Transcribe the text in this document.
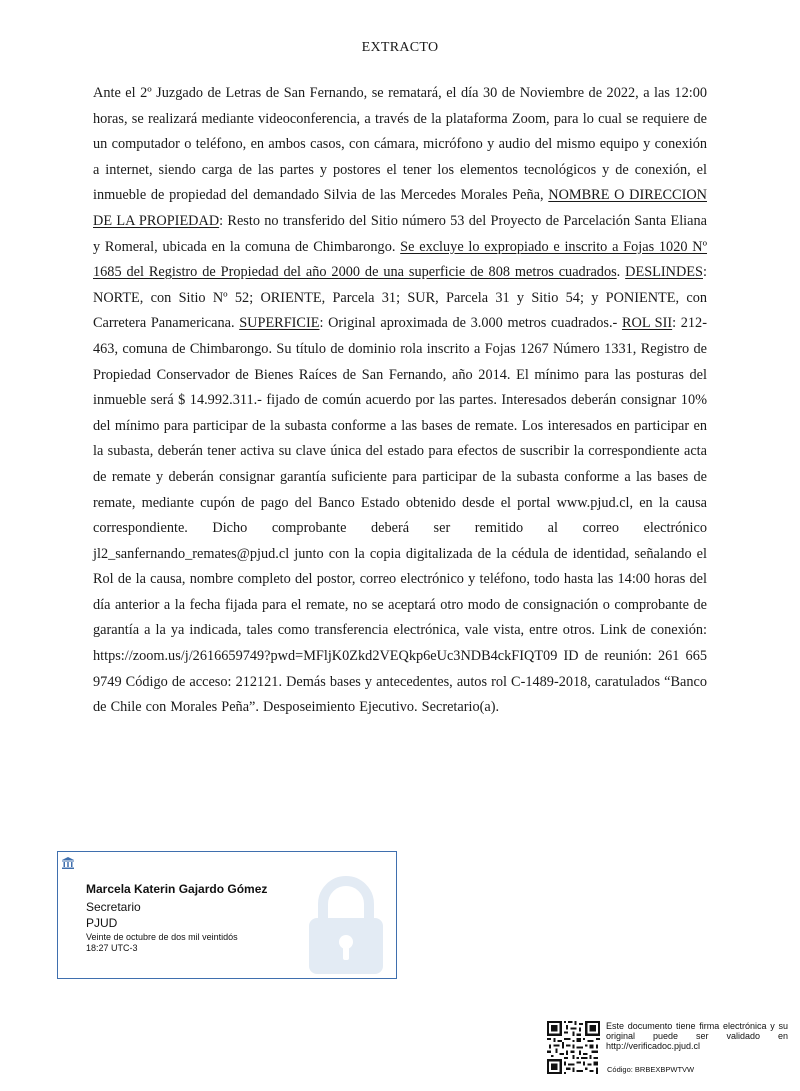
EXTRACTO
Ante el 2º Juzgado de Letras de San Fernando, se rematará, el día 30 de Noviembre de 2022, a las 12:00 horas, se realizará mediante videoconferencia, a través de la plataforma Zoom, para lo cual se requiere de un computador o teléfono, en ambos casos, con cámara, micrófono y audio del mismo equipo y conexión a internet, siendo carga de las partes y postores el tener los elementos tecnológicos y de conexión, el inmueble de propiedad del demandado Silvia de las Mercedes Morales Peña, NOMBRE O DIRECCION DE LA PROPIEDAD: Resto no transferido del Sitio número 53 del Proyecto de Parcelación Santa Eliana y Romeral, ubicada en la comuna de Chimbarongo. Se excluye lo expropiado e inscrito a Fojas 1020 Nº 1685 del Registro de Propiedad del año 2000 de una superficie de 808 metros cuadrados. DESLINDES: NORTE, con Sitio Nº 52; ORIENTE, Parcela 31; SUR, Parcela 31 y Sitio 54; y PONIENTE, con Carretera Panamericana. SUPERFICIE: Original aproximada de 3.000 metros cuadrados.- ROL SII: 212-463, comuna de Chimbarongo. Su título de dominio rola inscrito a Fojas 1267 Número 1331, Registro de Propiedad Conservador de Bienes Raíces de San Fernando, año 2014. El mínimo para las posturas del inmueble será $ 14.992.311.- fijado de común acuerdo por las partes. Interesados deberán consignar 10% del mínimo para participar de la subasta conforme a las bases de remate. Los interesados en participar en la subasta, deberán tener activa su clave única del estado para efectos de suscribir la correspondiente acta de remate y deberán consignar garantía suficiente para participar de la subasta conforme a las bases de remate, mediante cupón de pago del Banco Estado obtenido desde el portal www.pjud.cl, en la causa correspondiente. Dicho comprobante deberá ser remitido al correo electrónico jl2_sanfernando_remates@pjud.cl junto con la copia digitalizada de la cédula de identidad, señalando el Rol de la causa, nombre completo del postor, correo electrónico y teléfono, todo hasta las 14:00 horas del día anterior a la fecha fijada para el remate, no se aceptará otro modo de consignación o comprobante de garantía a la ya indicada, tales como transferencia electrónica, vale vista, entre otros. Link de conexión: https://zoom.us/j/2616659749?pwd=MFljK0Zkd2VEQkp6eUc3NDB4ckFIQT09 ID de reunión: 261 665 9749 Código de acceso: 212121. Demás bases y antecedentes, autos rol C-1489-2018, caratulados “Banco de Chile con Morales Peña”. Desposeimiento Ejecutivo. Secretario(a).
Marcela Katerin Gajardo Gómez
Secretario
PJUD
Veinte de octubre de dos mil veintidós
18:27 UTC-3
Este documento tiene firma electrónica y su original puede ser validado en http://verificadoc.pjud.cl
Código: BRBEXBPWTVW
